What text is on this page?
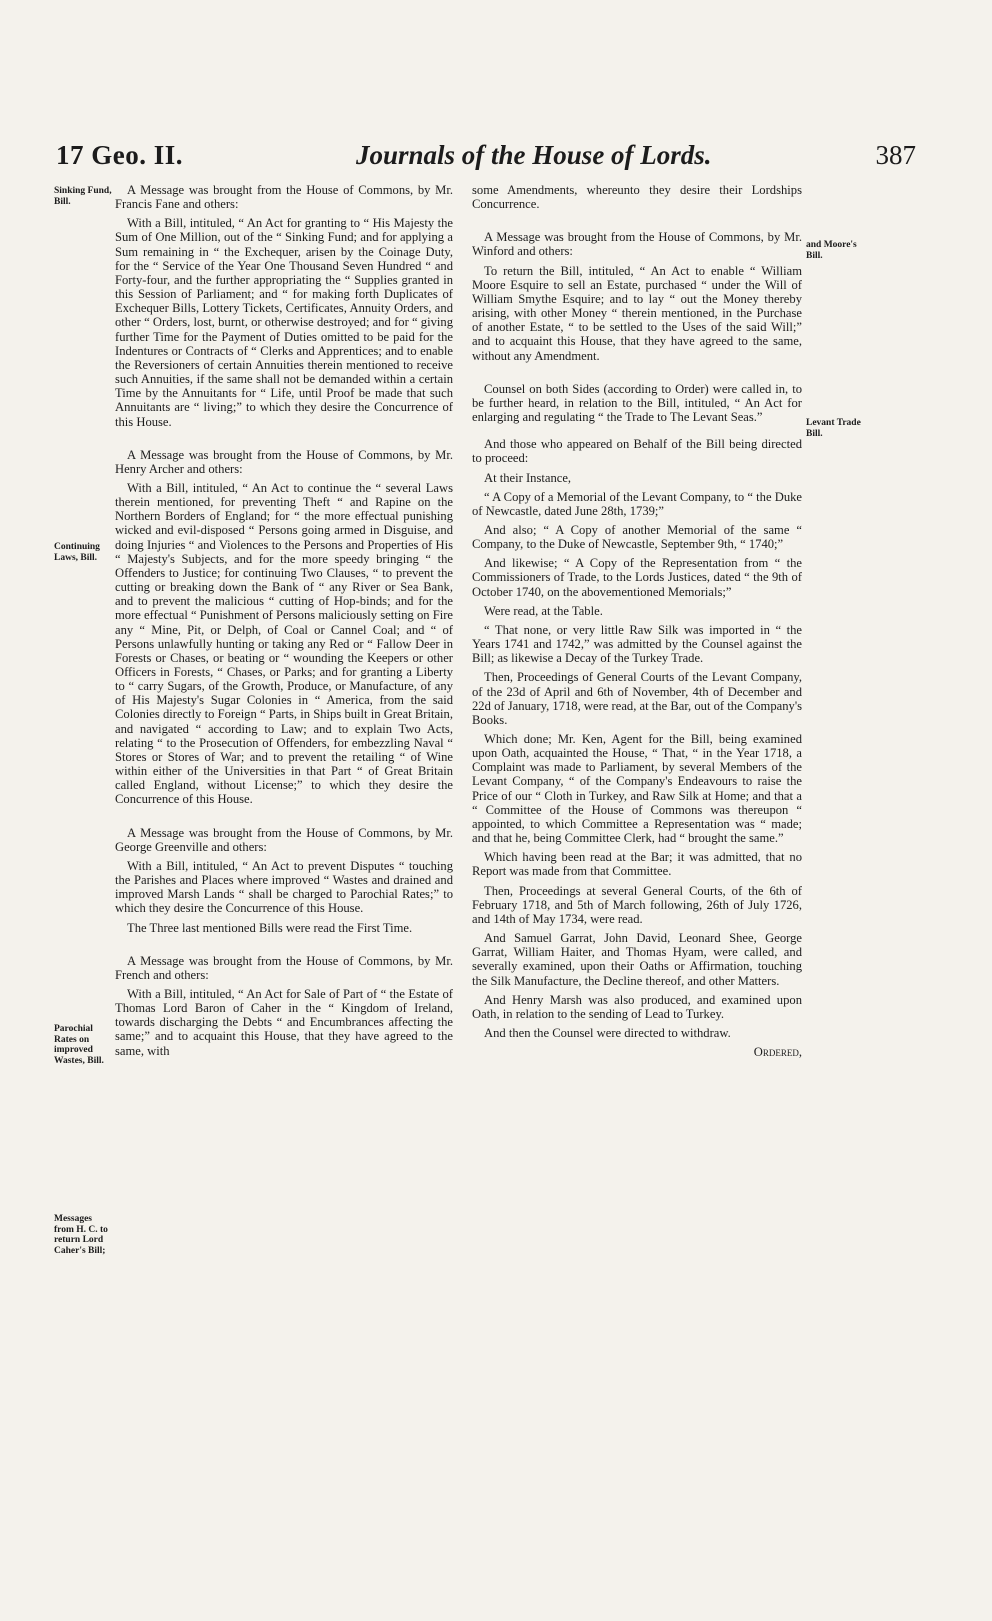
17 Geo. II.	Journals of the House of Lords.	387
Sinking Fund, Bill.
Continuing Laws, Bill.
Parochial Rates on improved Wastes, Bill.
Messages from H. C. to return Lord Caher's Bill;
and Moore's Bill.
Levant Trade Bill.

A Message was brought from the House of Commons, by Mr. Francis Fane and others:

With a Bill, intituled, “ An Act for granting to “ His Majesty the Sum of One Million, out of the “ Sinking Fund; and for applying a Sum remaining in “ the Exchequer, arisen by the Coinage Duty, for the “ Service of the Year One Thousand Seven Hundred “ and Forty-four, and the further appropriating the “ Supplies granted in this Session of Parliament; and “ for making forth Duplicates of Exchequer Bills, Lottery Tickets, Certificates, Annuity Orders, and other “ Orders, lost, burnt, or otherwise destroyed; and for “ giving further Time for the Payment of Duties omitted to be paid for the Indentures or Contracts of “ Clerks and Apprentices; and to enable the Reversioners of certain Annuities therein mentioned to receive such Annuities, if the same shall not be demanded within a certain Time by the Annuitants for “ Life, until Proof be made that such Annuitants are “ living;” to which they desire the Concurrence of this House.

A Message was brought from the House of Commons, by Mr. Henry Archer and others:

With a Bill, intituled, “ An Act to continue the “ several Laws therein mentioned, for preventing Theft “ and Rapine on the Northern Borders of England; for “ the more effectual punishing wicked and evil-disposed “ Persons going armed in Disguise, and doing Injuries “ and Violences to the Persons and Properties of His “ Majesty's Subjects, and for the more speedy bringing “ the Offenders to Justice; for continuing Two Clauses, “ to prevent the cutting or breaking down the Bank of “ any River or Sea Bank, and to prevent the malicious “ cutting of Hop-binds; and for the more effectual “ Punishment of Persons maliciously setting on Fire any “ Mine, Pit, or Delph, of Coal or Cannel Coal; and “ of Persons unlawfully hunting or taking any Red or “ Fallow Deer in Forests or Chases, or beating or “ wounding the Keepers or other Officers in Forests, “ Chases, or Parks; and for granting a Liberty to “ carry Sugars, of the Growth, Produce, or Manufacture, of any of His Majesty's Sugar Colonies in “ America, from the said Colonies directly to Foreign “ Parts, in Ships built in Great Britain, and navigated “ according to Law; and to explain Two Acts, relating “ to the Prosecution of Offenders, for embezzling Naval “ Stores or Stores of War; and to prevent the retailing “ of Wine within either of the Universities in that Part “ of Great Britain called England, without License;” to which they desire the Concurrence of this House.

A Message was brought from the House of Commons, by Mr. George Greenville and others:

With a Bill, intituled, “ An Act to prevent Disputes “ touching the Parishes and Places where improved “ Wastes and drained and improved Marsh Lands “ shall be charged to Parochial Rates;” to which they desire the Concurrence of this House.

The Three last mentioned Bills were read the First Time.

A Message was brought from the House of Commons, by Mr. French and others:

With a Bill, intituled, “ An Act for Sale of Part of “ the Estate of Thomas Lord Baron of Caher in the “ Kingdom of Ireland, towards discharging the Debts “ and Encumbrances affecting the same;” and to acquaint this House, that they have agreed to the same, with

some Amendments, whereunto they desire their Lordships Concurrence.

A Message was brought from the House of Commons, by Mr. Winford and others:

To return the Bill, intituled, “ An Act to enable “ William Moore Esquire to sell an Estate, purchased “ under the Will of William Smythe Esquire; and to lay “ out the Money thereby arising, with other Money “ therein mentioned, in the Purchase of another Estate, “ to be settled to the Uses of the said Will;” and to acquaint this House, that they have agreed to the same, without any Amendment.

Counsel on both Sides (according to Order) were called in, to be further heard, in relation to the Bill, intituled, “ An Act for enlarging and regulating “ the Trade to The Levant Seas.”

And those who appeared on Behalf of the Bill being directed to proceed:

At their Instance,

“ A Copy of a Memorial of the Levant Company, to “ the Duke of Newcastle, dated June 28th, 1739;”

And also; “ A Copy of another Memorial of the same “ Company, to the Duke of Newcastle, September 9th, “ 1740;”

And likewise; “ A Copy of the Representation from “ the Commissioners of Trade, to the Lords Justices, dated “ the 9th of October 1740, on the abovementioned Memorials;”

Were read, at the Table.

“ That none, or very little Raw Silk was imported in “ the Years 1741 and 1742,” was admitted by the Counsel against the Bill; as likewise a Decay of the Turkey Trade.

Then, Proceedings of General Courts of the Levant Company, of the 23d of April and 6th of November, 4th of December and 22d of January, 1718, were read, at the Bar, out of the Company's Books.

Which done; Mr. Ken, Agent for the Bill, being examined upon Oath, acquainted the House, “ That, “ in the Year 1718, a Complaint was made to Parliament, by several Members of the Levant Company, “ of the Company's Endeavours to raise the Price of our “ Cloth in Turkey, and Raw Silk at Home; and that a “ Committee of the House of Commons was thereupon “ appointed, to which Committee a Representation was “ made; and that he, being Committee Clerk, had “ brought the same.”

Which having been read at the Bar; it was admitted, that no Report was made from that Committee.

Then, Proceedings at several General Courts, of the 6th of February 1718, and 5th of March following, 26th of July 1726, and 14th of May 1734, were read.

And Samuel Garrat, John David, Leonard Shee, George Garrat, William Haiter, and Thomas Hyam, were called, and severally examined, upon their Oaths or Affirmation, touching the Silk Manufacture, the Decline thereof, and other Matters.

And Henry Marsh was also produced, and examined upon Oath, in relation to the sending of Lead to Turkey.

And then the Counsel were directed to withdraw.

Ordered,
